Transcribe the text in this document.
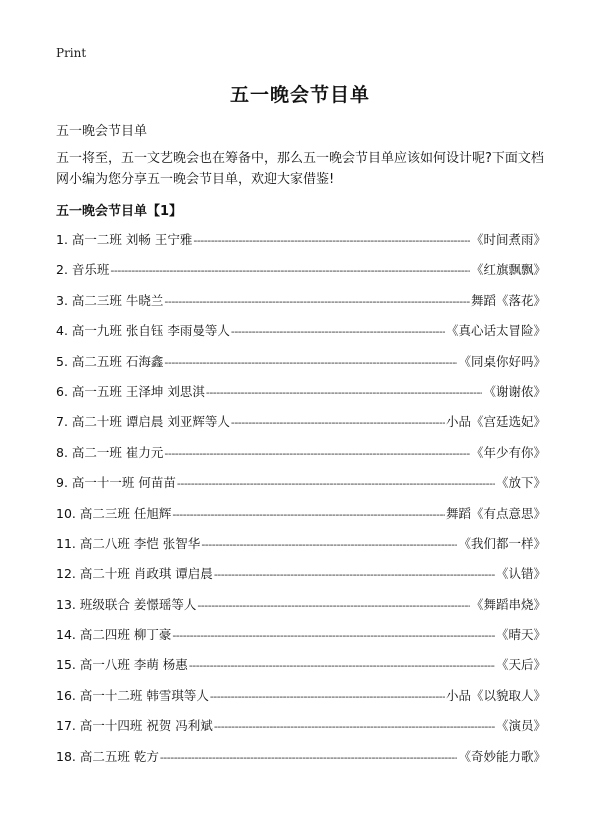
Print
五一晚会节目单
五一晚会节目单
五一将至，五一文艺晚会也在筹备中，那么五一晚会节目单应该如何设计呢?下面文档网小编为您分享五一晚会节目单，欢迎大家借鉴!
五一晚会节目单【1】
1. 高一二班 刘畅 王宁雅 -----	《时间煮雨》
2. 音乐班 -----	《红旗飘飘》
3. 高二三班 牛晓兰 -----	舞蹈《落花》
4. 高一九班 张自钰 李雨曼等人 -----	《真心话太冒险》
5. 高二五班 石海鑫 -----	《同桌你好吗》
6. 高一五班 王泽坤 刘思淇 -----	《谢谢侬》
7. 高二十班 谭启晨 刘亚辉等人 -----	小品《宫廷选妃》
8. 高二一班 崔力元 -----	《年少有你》
9. 高一十一班 何苗苗 -----	《放下》
10. 高二三班 任旭辉 -----	舞蹈《有点意思》
11. 高二八班 李恺 张智华 -----	《我们都一样》
12. 高二十班 肖政琪 谭启晨 -----	《认错》
13. 班级联合 姜憬瑶等人 -----	《舞蹈串烧》
14. 高二四班 柳丁豪 -----	《晴天》
15. 高一八班 李萌 杨惠 -----	《天后》
16. 高一十二班 韩雪琪等人 -----	小品《以貌取人》
17. 高一十四班 祝贺 冯利斌 -----	《演员》
18. 高二五班 乾方 -----	《奇妙能力歌》
